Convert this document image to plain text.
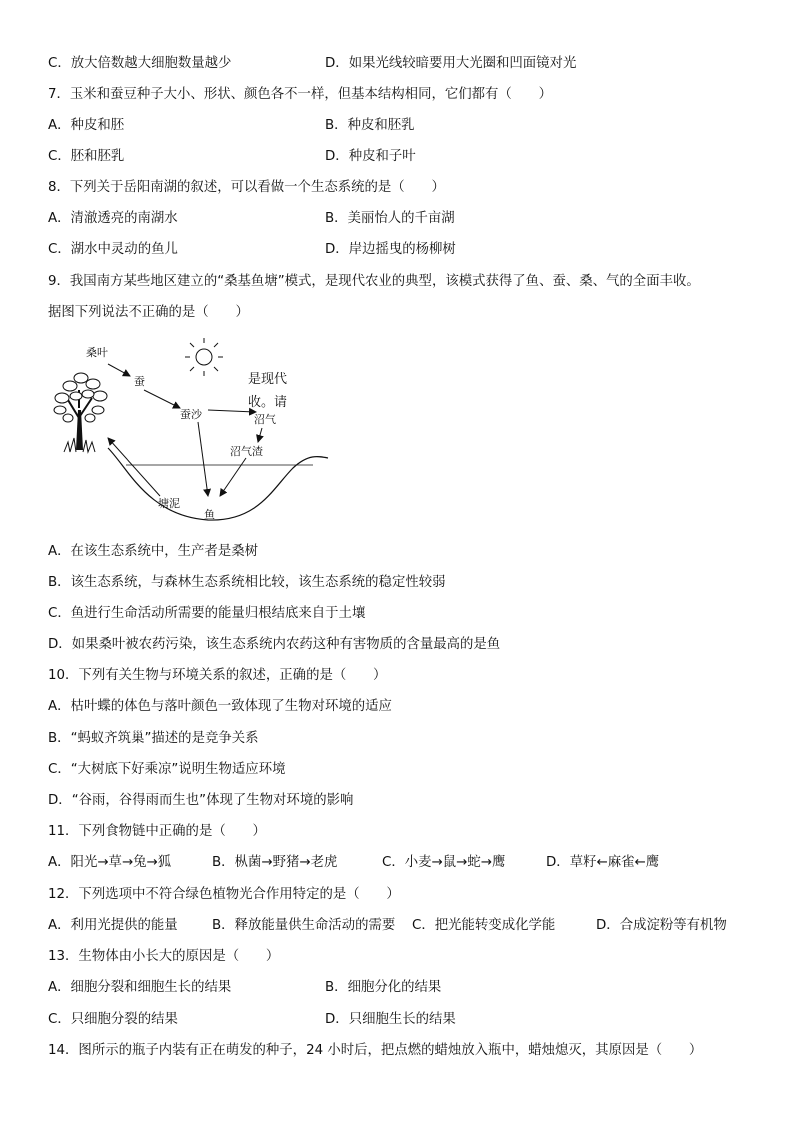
C．放大倍数越大细胞数量越少	D．如果光线较暗要用大光圈和凹面镜对光
7．玉米和蚕豆种子大小、形状、颜色各不一样，但基本结构相同，它们都有（　　）
A．种皮和胚	B．种皮和胚乳
C．胚和胚乳	D．种皮和子叶
8．下列关于岳阳南湖的叙述，可以看做一个生态系统的是（　　）
A．清澈透亮的南湖水	B．美丽怡人的千亩湖
C．湖水中灵动的鱼儿	D．岸边摇曳的杨柳树
9．我国南方某些地区建立的“桑基鱼塘”模式，是现代农业的典型，该模式获得了鱼、蚕、桑、气的全面丰收。
据图下列说法不正确的是（　　）
桑叶
蚕
蚕沙
是现代
收。请
沼气
沼气渣
塘泥
鱼
A．在该生态系统中，生产者是桑树
B．该生态系统，与森林生态系统相比较，该生态系统的稳定性较弱
C．鱼进行生命活动所需要的能量归根结底来自于土壤
D．如果桑叶被农药污染，该生态系统内农药这种有害物质的含量最高的是鱼
10．下列有关生物与环境关系的叙述，正确的是（　　）
A．枯叶蝶的体色与落叶颜色一致体现了生物对环境的适应
B．“蚂蚁齐筑巢”描述的是竞争关系
C．“大树底下好乘凉”说明生物适应环境
D．“谷雨，谷得雨而生也”体现了生物对环境的影响
11．下列食物链中正确的是（　　）
A．阳光→草→兔→狐	B．枞菌→野猪→老虎	C．小麦→鼠→蛇→鹰	D．草籽←麻雀←鹰
12．下列选项中不符合绿色植物光合作用特定的是（　　）
A．利用光提供的能量	B．释放能量供生命活动的需要 C．把光能转变成化学能	D．合成淀粉等有机物
13．生物体由小长大的原因是（　　）
A．细胞分裂和细胞生长的结果	B．细胞分化的结果
C．只细胞分裂的结果	D．只细胞生长的结果
14．图所示的瓶子内装有正在萌发的种子，24 小时后，把点燃的蜡烛放入瓶中，蜡烛熄灭，其原因是（　　）
